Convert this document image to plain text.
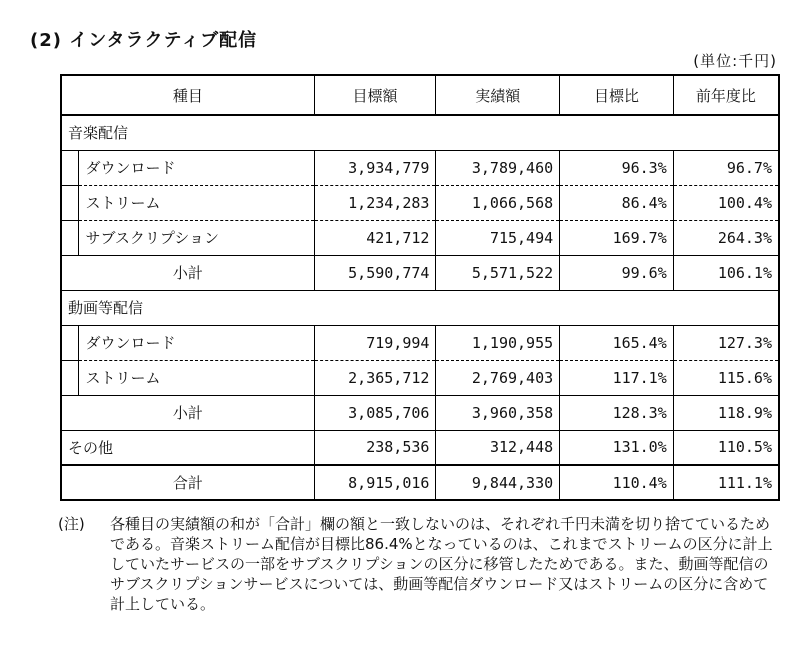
(2) インタラクティブ配信
(単位:千円)
種目		目標額	実績額	目標比	前年度比
音楽配信					
	ダウンロード	3,934,779	3,789,460	96.3%	96.7%
	ストリーム	1,234,283	1,066,568	86.4%	100.4%
	サブスクリプション	421,712	715,494	169.7%	264.3%
小計		5,590,774	5,571,522	99.6%	106.1%
動画等配信					
	ダウンロード	719,994	1,190,955	165.4%	127.3%
	ストリーム	2,365,712	2,769,403	117.1%	115.6%
小計		3,085,706	3,960,358	128.3%	118.9%
その他		238,536	312,448	131.0%	110.5%
合計		8,915,016	9,844,330	110.4%	111.1%
(注) 各種目の実績額の和が「合計」欄の額と一致しないのは、それぞれ千円未満を切り捨てているためである。音楽ストリーム配信が目標比86.4%となっているのは、これまでストリームの区分に計上していたサービスの一部をサブスクリプションの区分に移管したためである。また、動画等配信のサブスクリプションサービスについては、動画等配信ダウンロード又はストリームの区分に含めて計上している。
